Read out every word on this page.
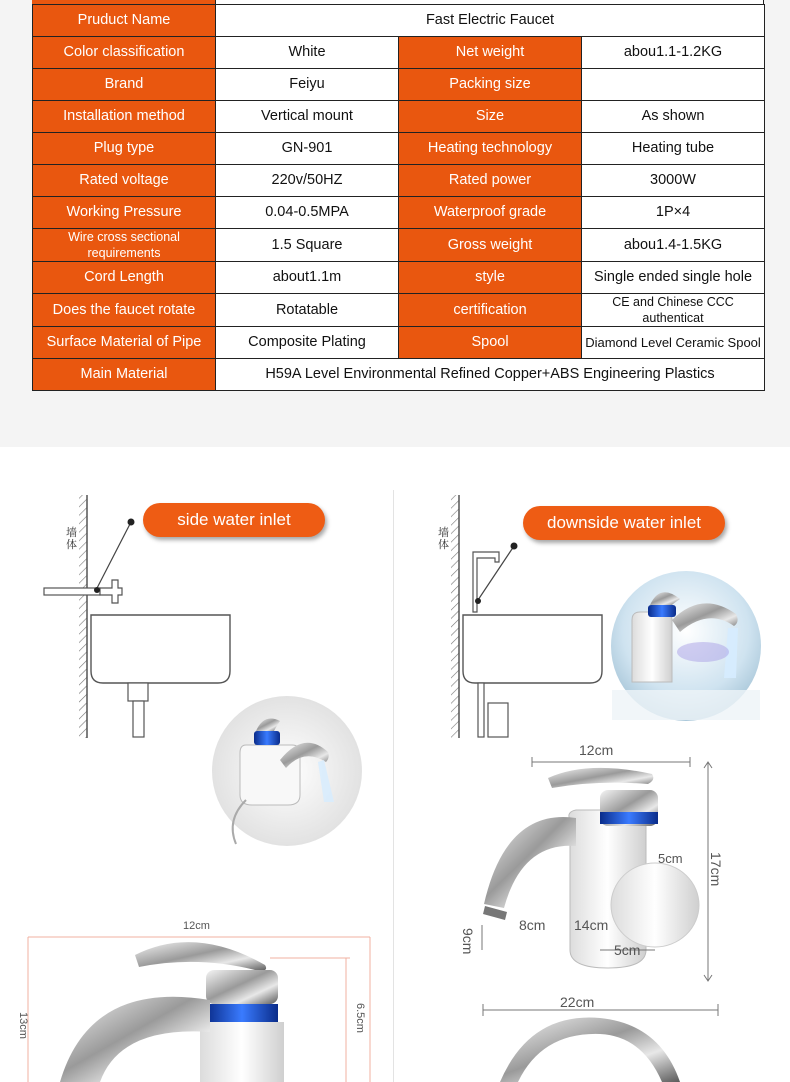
Pruduct Name	Fast Electric Faucet		
Color classification	White	Net weight	abou1.1-1.2KG
Brand	Feiyu	Packing size	
Installation method	Vertical mount	Size	As shown
Plug type	GN-901	Heating technology	Heating tube
Rated voltage	220v/50HZ	Rated power	3000W
Working Pressure	0.04-0.5MPA	Waterproof grade	1P×4
Wire cross sectional requirements	1.5 Square	Gross weight	abou1.4-1.5KG
Cord Length	about1.1m	style	Single ended single hole
Does the faucet rotate	Rotatable	certification	CE and Chinese CCC authenticat
Surface Material of Pipe	Composite Plating	Spool	Diamond Level Ceramic Spool
Main Material	H59A Level Environmental Refined Copper+ABS Engineering Plastics		
side water inlet	downside water inlet
墙体
墙体
12cm
17cm
5cm
8cm 14cm
5cm
9cm
12cm
13cm	6.5cm
22cm
